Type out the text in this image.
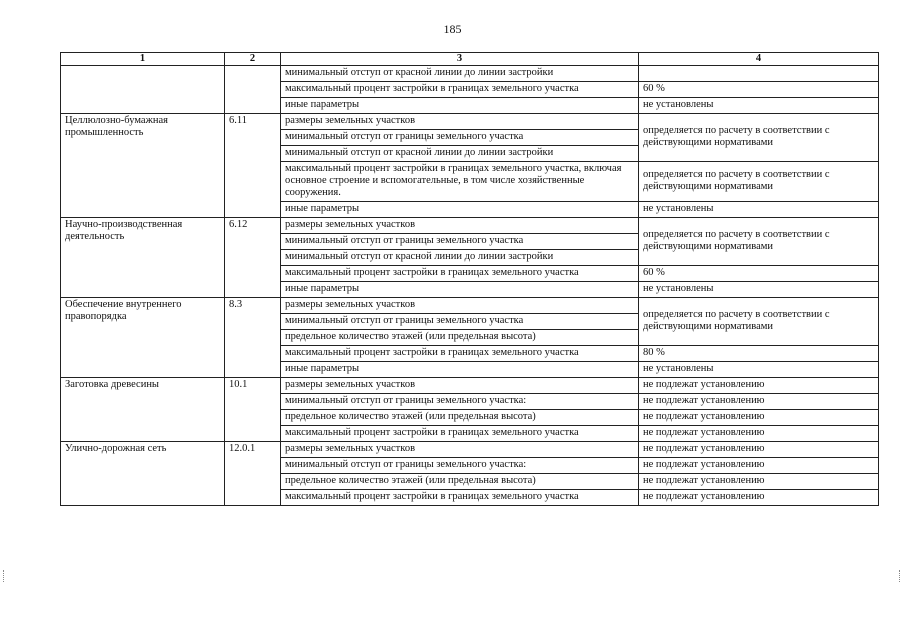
185
1	2	3	4
		минимальный отступ от красной линии до линии застройки	
		максимальный процент застройки в границах земельного участка	60 %
		иные параметры	не установлены
Целлюлозно-бумажная промышленность	6.11	размеры земельных участков	определяется по расчету в соответствии с действующими нормативами
		минимальный отступ от границы земельного участка	
		минимальный отступ от красной линии до линии застройки	
		максимальный процент застройки в границах земельного участка, включая основное строение и вспомогательные, в том числе хозяйственные сооружения.	определяется по расчету в соответствии с действующими нормативами
		иные параметры	не установлены
Научно-производственная деятельность	6.12	размеры земельных участков	определяется по расчету в соответствии с действующими нормативами
		минимальный отступ от границы земельного участка	
		минимальный отступ от красной линии до линии застройки	
		максимальный процент застройки в границах земельного участка	60 %
		иные параметры	не установлены
Обеспечение внутреннего правопорядка	8.3	размеры земельных участков	определяется по расчету в соответствии с действующими нормативами
		минимальный отступ от границы земельного участка	
		предельное количество этажей (или предельная высота)	
		максимальный процент застройки в границах земельного участка	80 %
		иные параметры	не установлены
Заготовка древесины	10.1	размеры земельных участков	не подлежат установлению
		минимальный отступ от границы земельного участка:	не подлежат установлению
		предельное количество этажей (или предельная высота)	не подлежат установлению
		максимальный процент застройки в границах земельного участка	не подлежат установлению
Улично-дорожная сеть	12.0.1	размеры земельных участков	не подлежат установлению
		минимальный отступ от границы земельного участка:	не подлежат установлению
		предельное количество этажей (или предельная высота)	не подлежат установлению
		максимальный процент застройки в границах земельного участка	не подлежат установлению
